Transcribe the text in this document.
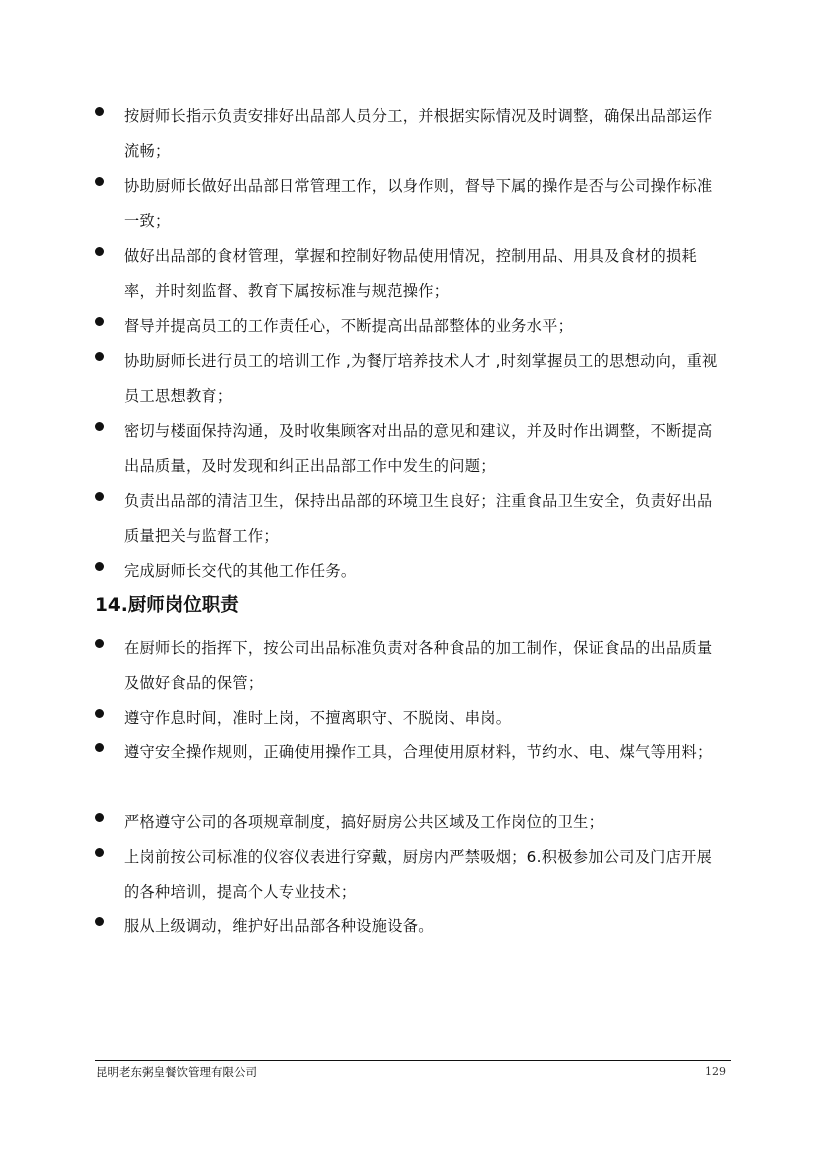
按厨师长指示负责安排好出品部人员分工，并根据实际情况及时调整，确保出品部运作流畅；
协助厨师长做好出品部日常管理工作，以身作则，督导下属的操作是否与公司操作标准一致；
做好出品部的食材管理，掌握和控制好物品使用情况，控制用品、用具及食材的损耗率，并时刻监督、教育下属按标准与规范操作；
督导并提高员工的工作责任心，不断提高出品部整体的业务水平；
协助厨师长进行员工的培训工作 ,为餐厅培养技术人才 ,时刻掌握员工的思想动向，重视员工思想教育；
密切与楼面保持沟通，及时收集顾客对出品的意见和建议，并及时作出调整，不断提高出品质量，及时发现和纠正出品部工作中发生的问题；
负责出品部的清洁卫生，保持出品部的环境卫生良好；注重食品卫生安全，负责好出品质量把关与监督工作；
完成厨师长交代的其他工作任务。
14.厨师岗位职责
在厨师长的指挥下，按公司出品标准负责对各种食品的加工制作，保证食品的出品质量及做好食品的保管；
遵守作息时间，准时上岗，不擅离职守、不脱岗、串岗。
遵守安全操作规则，正确使用操作工具，合理使用原材料，节约水、电、煤气等用料；
严格遵守公司的各项规章制度，搞好厨房公共区域及工作岗位的卫生；
上岗前按公司标准的仪容仪表进行穿戴，厨房内严禁吸烟；6.积极参加公司及门店开展的各种培训，提高个人专业技术；
服从上级调动，维护好出品部各种设施设备。
昆明老东粥皇餐饮管理有限公司	129
